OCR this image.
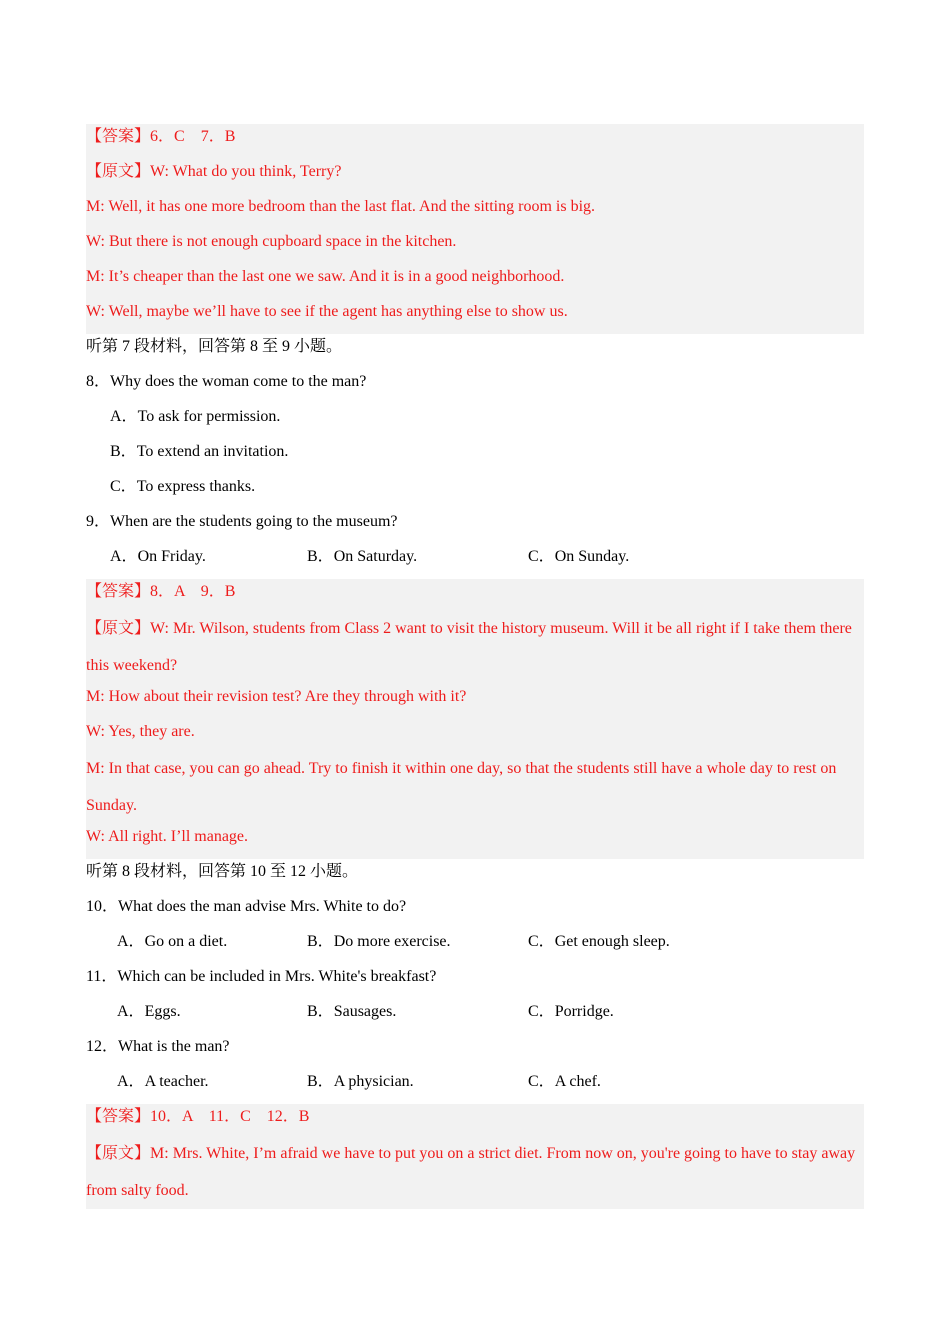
【答案】6．C　7．B
【原文】W: What do you think, Terry?
M: Well, it has one more bedroom than the last flat. And the sitting room is big.
W: But there is not enough cupboard space in the kitchen.
M: It’s cheaper than the last one we saw. And it is in a good neighborhood.
W: Well, maybe we’ll have to see if the agent has anything else to show us.
听第 7 段材料，回答第 8 至 9 小题。
8．Why does the woman come to the man?
A．To ask for permission.
B．To extend an invitation.
C．To express thanks.
9．When are the students going to the museum?
A．On Friday.	B．On Saturday.	C．On Sunday.
【答案】8．A　9．B
【原文】W: Mr. Wilson, students from Class 2 want to visit the history museum. Will it be all right if I take them there this weekend?
M: How about their revision test? Are they through with it?
W: Yes, they are.
M: In that case, you can go ahead. Try to finish it within one day, so that the students still have a whole day to rest on Sunday.
W: All right. I’ll manage.
听第 8 段材料，回答第 10 至 12 小题。
10．What does the man advise Mrs. White to do?
A．Go on a diet.	B．Do more exercise.	C．Get enough sleep.
11．Which can be included in Mrs. White's breakfast?
A．Eggs.	B．Sausages.	C．Porridge.
12．What is the man?
A．A teacher.	B．A physician.	C．A chef.
【答案】10．A　11．C　12．B
【原文】M: Mrs. White, I’m afraid we have to put you on a strict diet. From now on, you're going to have to stay away from salty food.
